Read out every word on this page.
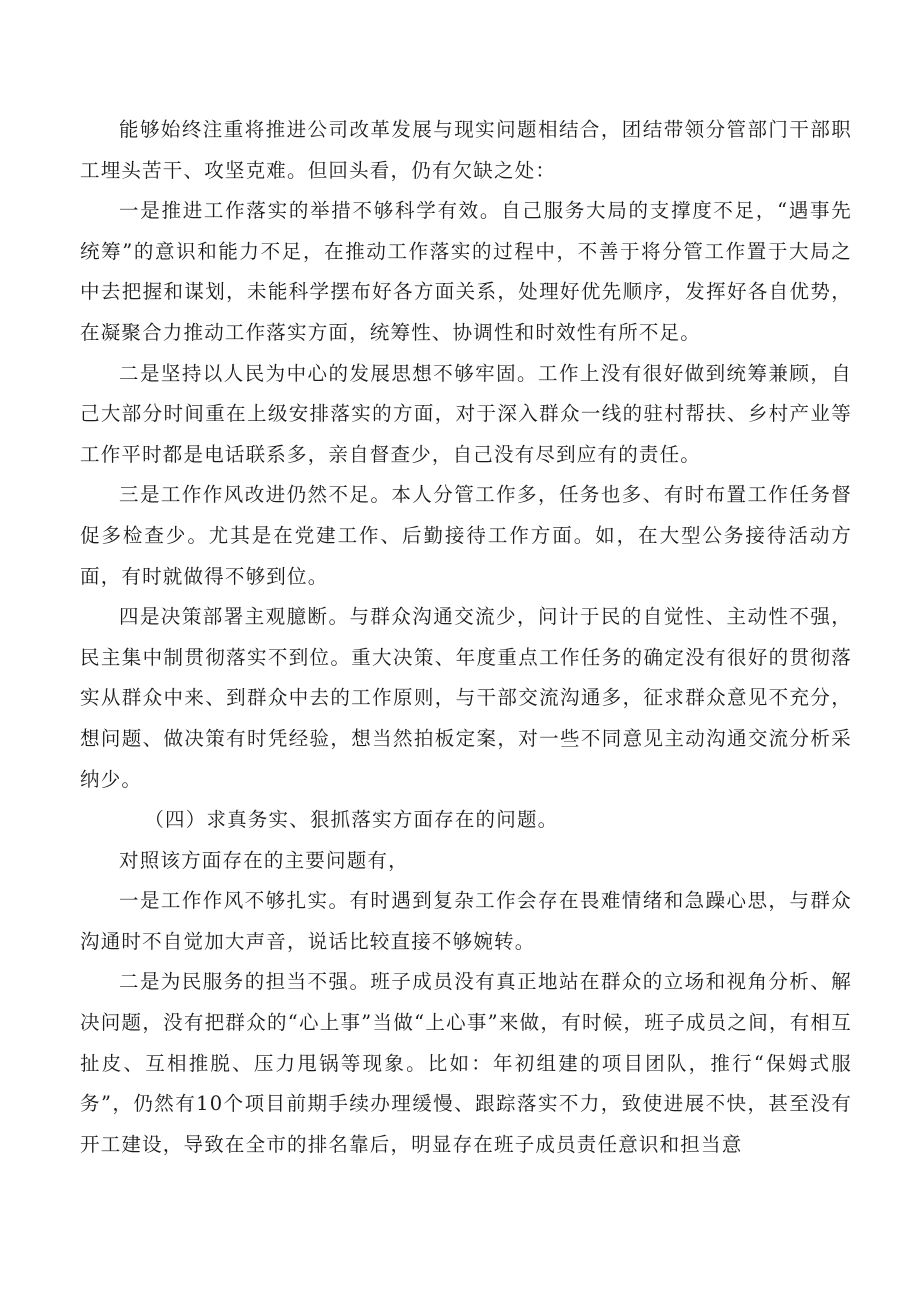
能够始终注重将推进公司改革发展与现实问题相结合，团结带领分管部门干部职工埋头苦干、攻坚克难。但回头看，仍有欠缺之处：

一是推进工作落实的举措不够科学有效。自己服务大局的支撑度不足，“遇事先统筹”的意识和能力不足，在推动工作落实的过程中，不善于将分管工作置于大局之中去把握和谋划，未能科学摆布好各方面关系，处理好优先顺序，发挥好各自优势，在凝聚合力推动工作落实方面，统筹性、协调性和时效性有所不足。

二是坚持以人民为中心的发展思想不够牢固。工作上没有很好做到统筹兼顾，自己大部分时间重在上级安排落实的方面，对于深入群众一线的驻村帮扶、乡村产业等工作平时都是电话联系多，亲自督查少，自己没有尽到应有的责任。

三是工作作风改进仍然不足。本人分管工作多，任务也多、有时布置工作任务督促多检查少。尤其是在党建工作、后勤接待工作方面。如，在大型公务接待活动方面，有时就做得不够到位。

四是决策部署主观臆断。与群众沟通交流少，问计于民的自觉性、主动性不强，民主集中制贯彻落实不到位。重大决策、年度重点工作任务的确定没有很好的贯彻落实从群众中来、到群众中去的工作原则，与干部交流沟通多，征求群众意见不充分，想问题、做决策有时凭经验，想当然拍板定案，对一些不同意见主动沟通交流分析采纳少。

（四）求真务实、狠抓落实方面存在的问题。

对照该方面存在的主要问题有，

一是工作作风不够扎实。有时遇到复杂工作会存在畏难情绪和急躁心思，与群众沟通时不自觉加大声音，说话比较直接不够婉转。

二是为民服务的担当不强。班子成员没有真正地站在群众的立场和视角分析、解决问题，没有把群众的“心上事”当做“上心事”来做，有时候，班子成员之间，有相互扯皮、互相推脱、压力甩锅等现象。比如：年初组建的项目团队，推行“保姆式服务”，仍然有10个项目前期手续办理缓慢、跟踪落实不力，致使进展不快，甚至没有开工建设，导致在全市的排名靠后，明显存在班子成员责任意识和担当意
